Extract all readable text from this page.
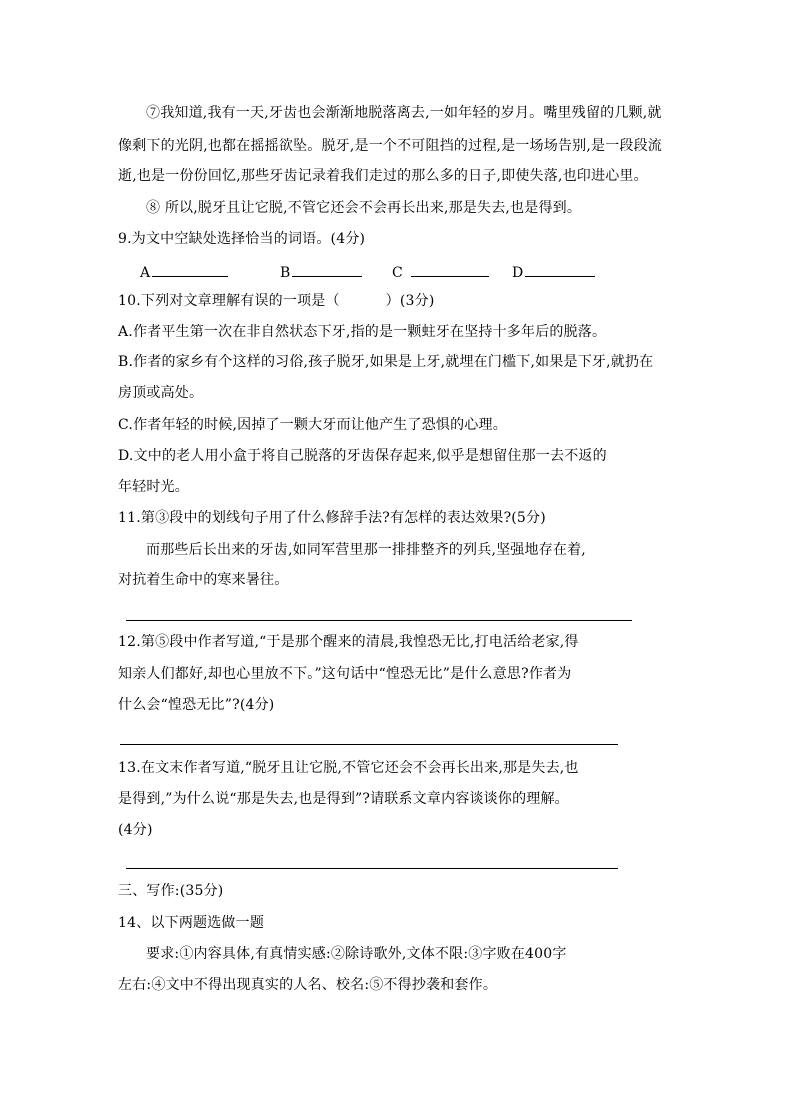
⑦我知道,我有一天,牙齿也会渐渐地脱落离去,一如年轻的岁月。嘴里残留的几颗,就
像剩下的光阴,也都在摇摇欲坠。脱牙,是一个不可阻挡的过程,是一场场告别,是一段段流
逝,也是一份份回忆,那些牙齿记录着我们走过的那么多的日子,即使失落,也印进心里。
⑧ 所以,脱牙且让它脱,不管它还会不会再长出来,那是失去,也是得到。
9.为文中空缺处选择恰当的词语。(4分)
A	B	C	D
10.下列对文章理解有误的一项是（	）(3分)
A.作者平生第一次在非自然状态下牙,指的是一颗蛀牙在坚持十多年后的脱落。
B.作者的家乡有个这样的习俗,孩子脱牙,如果是上牙,就埋在门槛下,如果是下牙,就扔在
房顶或高处。
C.作者年轻的时候,因掉了一颗大牙而让他产生了恐惧的心理。
D.文中的老人用小盒于将自己脱落的牙齿保存起来,似乎是想留住那一去不返的
年轻时光。
11.第③段中的划线句子用了什么修辞手法?有怎样的表达效果?(5分)
而那些后长出来的牙齿,如同军营里那一排排整齐的列兵,坚强地存在着,
对抗着生命中的寒来暑往。
12.第⑤段中作者写道,“于是那个醒来的清晨,我惶恐无比,打电活给老家,得
知亲人们都好,却也心里放不下。”这句话中“惶恐无比”是什么意思?作者为
什么会“惶恐无比”?(4分)
13.在文末作者写道,“脱牙且让它脱,不管它还会不会再长出来,那是失去,也
是得到,”为什么说“那是失去,也是得到”?请联系文章内容谈谈你的理解。
(4分)
三、写作:(35分)
14、以下两题选做一题
要求:①内容具体,有真情实感:②除诗歌外,文体不限:③字败在400字
左右:④文中不得出现真实的人名、校名:⑤不得抄袭和套作。
